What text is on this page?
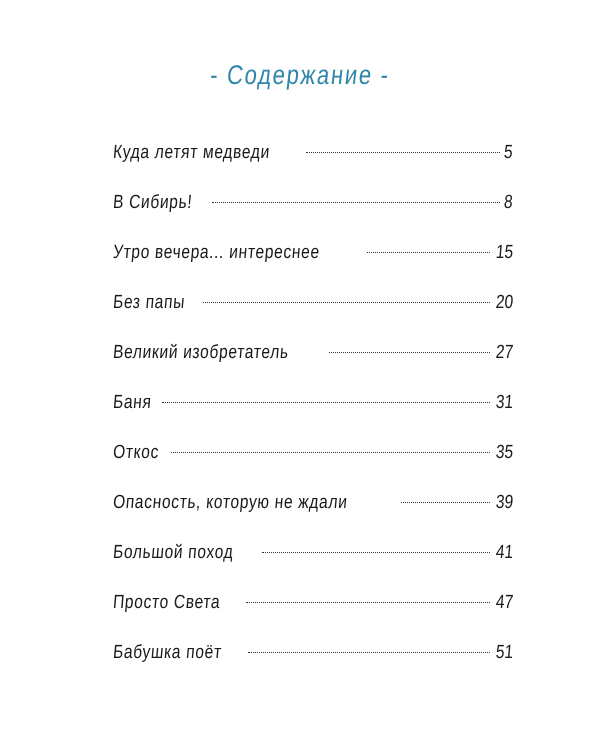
- Содержание -
Куда летят медведи	5
В Сибирь!	8
Утро вечера... интереснее	15
Без папы	20
Великий изобретатель	27
Баня	31
Откос	35
Опасность, которую не ждали	39
Большой поход	41
Просто Света	47
Бабушка поёт	51
